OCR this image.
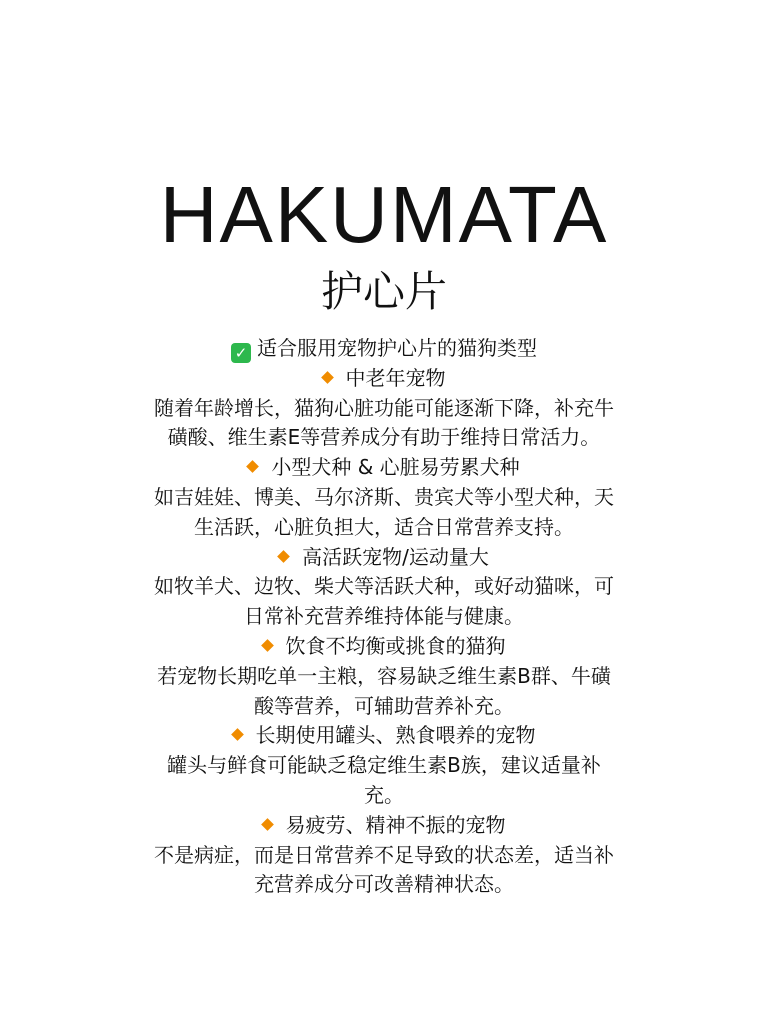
HAKUMATA
护心片
✓ 适合服用宠物护心片的猫狗类型
中老年宠物
随着年龄增长，猫狗心脏功能可能逐渐下降，补充牛
磺酸、维生素E等营养成分有助于维持日常活力。
小型犬种 & 心脏易劳累犬种
如吉娃娃、博美、马尔济斯、贵宾犬等小型犬种，天
生活跃，心脏负担大，适合日常营养支持。
高活跃宠物/运动量大
如牧羊犬、边牧、柴犬等活跃犬种，或好动猫咪，可
日常补充营养维持体能与健康。
饮食不均衡或挑食的猫狗
若宠物长期吃单一主粮，容易缺乏维生素B群、牛磺
酸等营养，可辅助营养补充。
长期使用罐头、熟食喂养的宠物
罐头与鲜食可能缺乏稳定维生素B族，建议适量补
充。
易疲劳、精神不振的宠物
不是病症，而是日常营养不足导致的状态差，适当补
充营养成分可改善精神状态。
